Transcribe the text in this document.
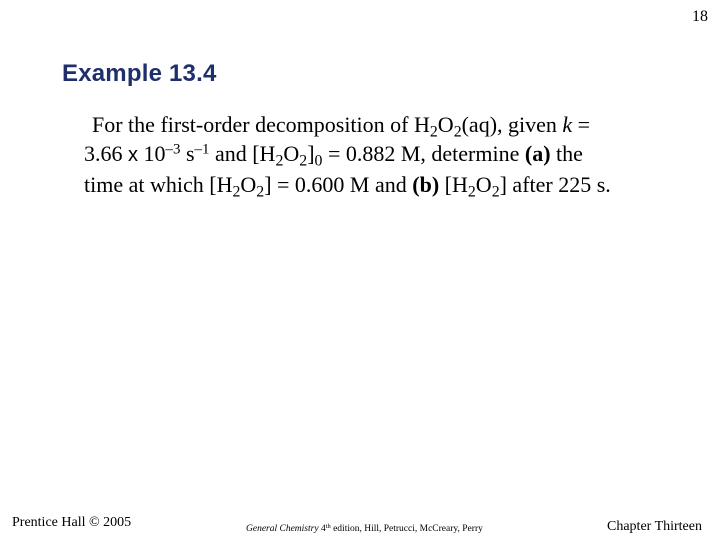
18
Example 13.4
For the first-order decomposition of $H_2O_2(aq)$, given k =
3.66 x $10^{-3}$ $s^{-1}$ and $[H_2O_2]_0 = 0.882$ M, determine (a) the
time at which $[H_2O_2] = 0.600$ M and (b) $[H_2O_2]$ after 225 s.
Prentice Hall © 2005	General Chemistry 4th edition, Hill, Petrucci, McCreary, Perry	Chapter Thirteen
